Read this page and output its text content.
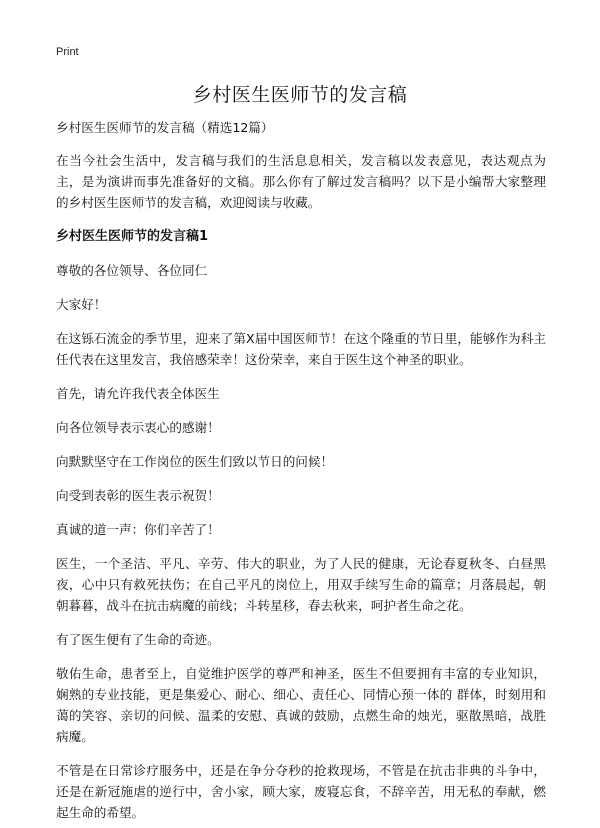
Print
乡村医生医师节的发言稿

乡村医生医师节的发言稿（精选12篇）

在当今社会生活中，发言稿与我们的生活息息相关，发言稿以发表意见，表达观点为主，是为演讲而事先准备好的文稿。那么你有了解过发言稿吗？以下是小编帮大家整理的乡村医生医师节的发言稿，欢迎阅读与收藏。

乡村医生医师节的发言稿1

尊敬的各位领导、各位同仁

大家好！

在这铄石流金的季节里，迎来了第X届中国医师节！在这个隆重的节日里，能够作为科主任代表在这里发言，我倍感荣幸！这份荣幸，来自于医生这个神圣的职业。

首先，请允许我代表全体医生

向各位领导表示衷心的感谢！

向默默坚守在工作岗位的医生们致以节日的问候！

向受到表彰的医生表示祝贺！

真诚的道一声：你们辛苦了！

医生，一个圣洁、平凡、辛劳、伟大的职业，为了人民的健康，无论春夏秋冬、白昼黑夜，心中只有救死扶伤；在自己平凡的岗位上，用双手续写生命的篇章；月落晨起，朝朝暮暮，战斗在抗击病魔的前线；斗转星移，春去秋来，呵护者生命之花。

有了医生便有了生命的奇迹。

敬佑生命，患者至上，自觉维护医学的尊严和神圣，医生不但要拥有丰富的专业知识，娴熟的专业技能，更是集爱心、耐心、细心、责任心、同情心预一体的 群体，时刻用和蔼的笑容、亲切的问候、温柔的安慰、真诚的鼓励，点燃生命的烛光，驱散黑暗，战胜病魔。

不管是在日常诊疗服务中，还是在争分夺秒的抢救现场，不管是在抗击非典的斗争中，还是在新冠施虐的逆行中，舍小家，顾大家，废寝忘食，不辞辛苦，用无私的奉献，燃起生命的希望。
